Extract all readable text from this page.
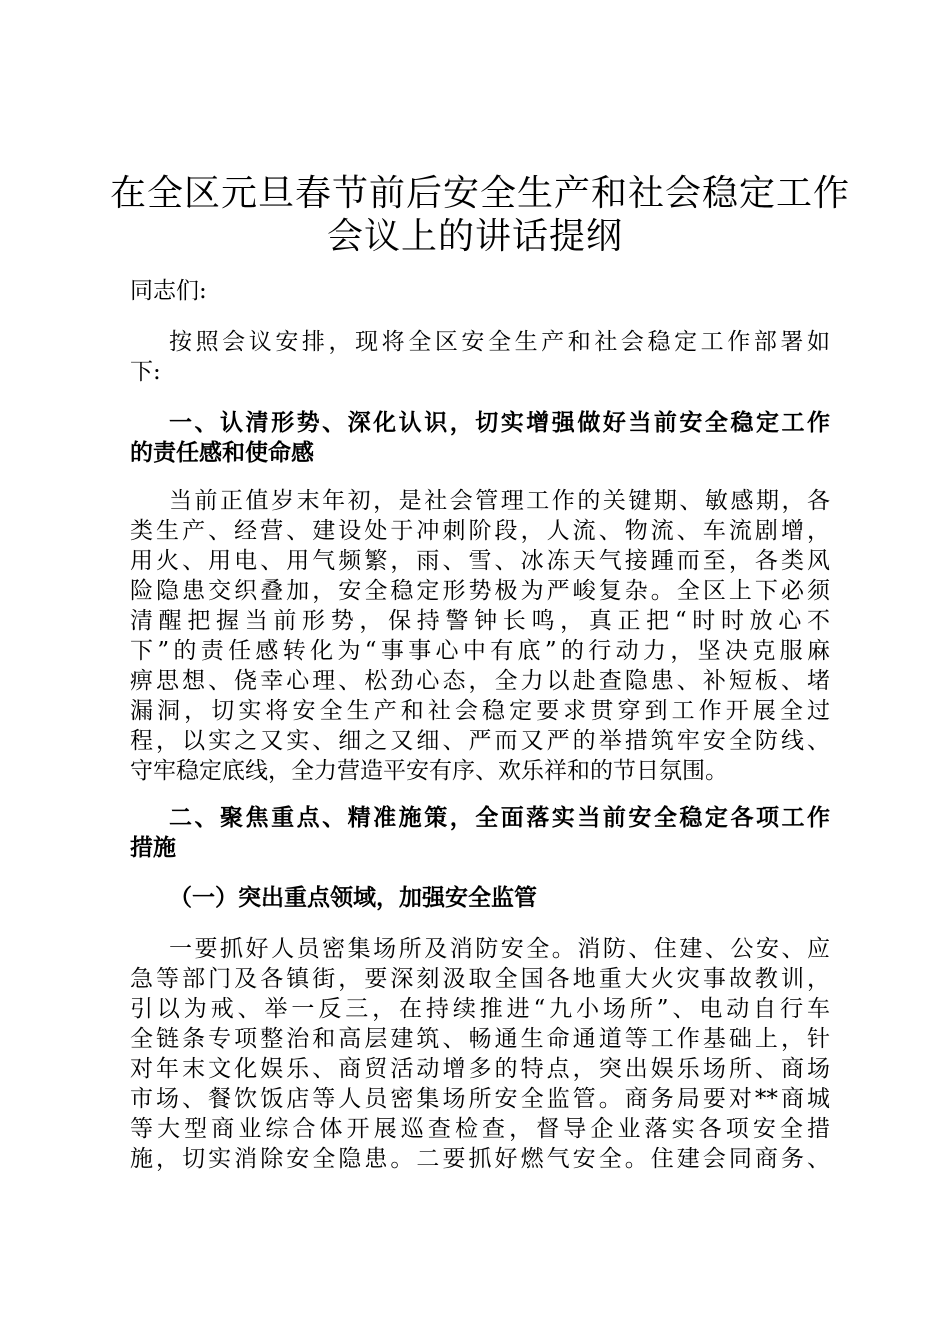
在全区元旦春节前后安全生产和社会稳定工作
会议上的讲话提纲

同志们:

按照会议安排，现将全区安全生产和社会稳定工作部署如

下:

一、认清形势、深化认识，切实增强做好当前安全稳定工作

的责任感和使命感

当前正值岁末年初，是社会管理工作的关键期、敏感期，各

类生产、经营、建设处于冲刺阶段，人流、物流、车流剧增，

用火、用电、用气频繁，雨、雪、冰冻天气接踵而至，各类风

险隐患交织叠加，安全稳定形势极为严峻复杂。全区上下必须

清醒把握当前形势，保持警钟长鸣，真正把“时时放心不

下”的责任感转化为“事事心中有底”的行动力，坚决克服麻

痹思想、侥幸心理、松劲心态，全力以赴查隐患、补短板、堵

漏洞，切实将安全生产和社会稳定要求贯穿到工作开展全过

程，以实之又实、细之又细、严而又严的举措筑牢安全防线、

守牢稳定底线，全力营造平安有序、欢乐祥和的节日氛围。

二、聚焦重点、精准施策，全面落实当前安全稳定各项工作

措施

（一）突出重点领域，加强安全监管

一要抓好人员密集场所及消防安全。消防、住建、公安、应

急等部门及各镇街，要深刻汲取全国各地重大火灾事故教训，

引以为戒、举一反三，在持续推进“九小场所”、电动自行车

全链条专项整治和高层建筑、畅通生命通道等工作基础上，针

对年末文化娱乐、商贸活动增多的特点，突出娱乐场所、商场

市场、餐饮饭店等人员密集场所安全监管。商务局要对**商城

等大型商业综合体开展巡查检查，督导企业落实各项安全措

施，切实消除安全隐患。二要抓好燃气安全。住建会同商务、
